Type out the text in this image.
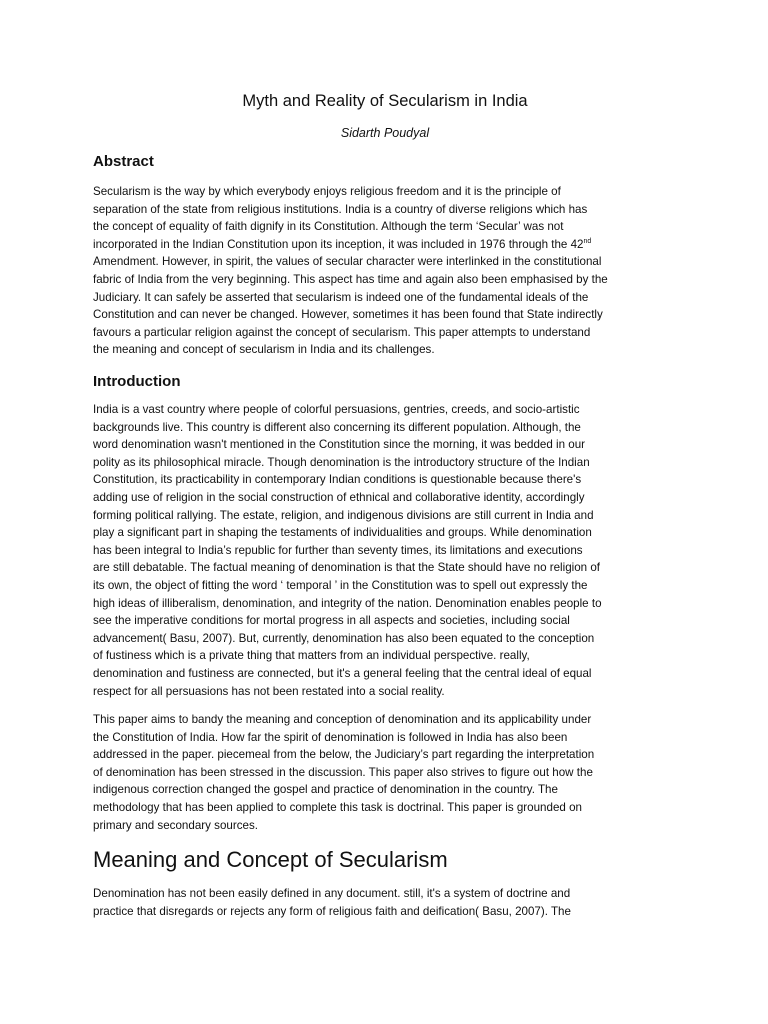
Myth and Reality of Secularism in India
Sidarth Poudyal
Abstract
Secularism is the way by which everybody enjoys religious freedom and it is the principle of
separation of the state from religious institutions. India is a country of diverse religions which has
the concept of equality of faith dignify in its Constitution. Although the term ‘Secular’ was not
incorporated in the Indian Constitution upon its inception, it was included in 1976 through the 42nd
Amendment. However, in spirit, the values of secular character were interlinked in the constitutional
fabric of India from the very beginning. This aspect has time and again also been emphasised by the
Judiciary. It can safely be asserted that secularism is indeed one of the fundamental ideals of the
Constitution and can never be changed. However, sometimes it has been found that State indirectly
favours a particular religion against the concept of secularism. This paper attempts to understand
the meaning and concept of secularism in India and its challenges.
Introduction
India is a vast country where people of colorful persuasions, gentries, creeds, and socio-artistic
backgrounds live. This country is different also concerning its different population. Although, the
word denomination wasn't mentioned in the Constitution since the morning, it was bedded in our
polity as its philosophical miracle. Though denomination is the introductory structure of the Indian
Constitution, its practicability in contemporary Indian conditions is questionable because there's
adding use of religion in the social construction of ethnical and collaborative identity, accordingly
forming political rallying. The estate, religion, and indigenous divisions are still current in India and
play a significant part in shaping the testaments of individualities and groups. While denomination
has been integral to India’s republic for further than seventy times, its limitations and executions
are still debatable. The factual meaning of denomination is that the State should have no religion of
its own, the object of fitting the word ‘ temporal ’ in the Constitution was to spell out expressly the
high ideas of illiberalism, denomination, and integrity of the nation. Denomination enables people to
see the imperative conditions for mortal progress in all aspects and societies, including social
advancement( Basu, 2007). But, currently, denomination has also been equated to the conception
of fustiness which is a private thing that matters from an individual perspective. really,
denomination and fustiness are connected, but it's a general feeling that the central ideal of equal
respect for all persuasions has not been restated into a social reality.
This paper aims to bandy the meaning and conception of denomination and its applicability under
the Constitution of India. How far the spirit of denomination is followed in India has also been
addressed in the paper. piecemeal from the below, the Judiciary’s part regarding the interpretation
of denomination has been stressed in the discussion. This paper also strives to figure out how the
indigenous correction changed the gospel and practice of denomination in the country. The
methodology that has been applied to complete this task is doctrinal. This paper is grounded on
primary and secondary sources.
Meaning and Concept of Secularism
Denomination has not been easily defined in any document. still, it's a system of doctrine and
practice that disregards or rejects any form of religious faith and deification( Basu, 2007). The
